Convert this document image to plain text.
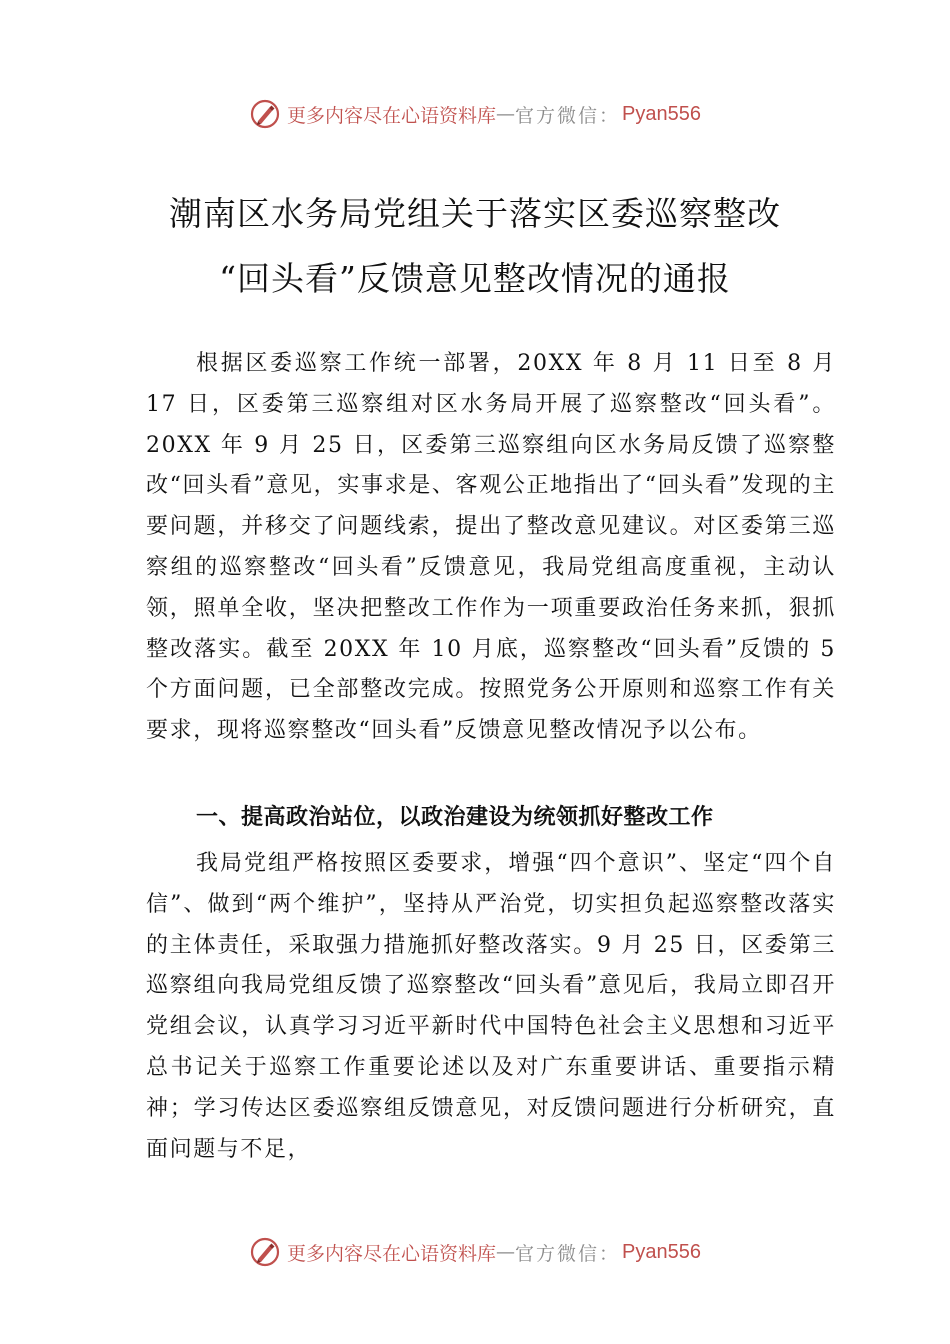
更多内容尽在心语资料库 — 官方微信 ： Pyan556
潮南区水务局党组关于落实区委巡察整改
“回头看”反馈意见整改情况的通报

根据区委巡察工作统一部署，20XX 年 8 月 11 日至 8 月 17 日，区委第三巡察组对区水务局开展了巡察整改“回头看”。20XX 年 9 月 25 日，区委第三巡察组向区水务局反馈了巡察整改“回头看”意见，实事求是、客观公正地指出了“回头看”发现的主要问题，并移交了问题线索，提出了整改意见建议。对区委第三巡察组的巡察整改“回头看”反馈意见，我局党组高度重视，主动认领，照单全收，坚决把整改工作作为一项重要政治任务来抓，狠抓整改落实。截至 20XX 年 10 月底，巡察整改“回头看”反馈的 5 个方面问题，已全部整改完成。按照党务公开原则和巡察工作有关要求，现将巡察整改“回头看”反馈意见整改情况予以公布。

一、提高政治站位，以政治建设为统领抓好整改工作

我局党组严格按照区委要求，增强“四个意识”、坚定“四个自信”、做到“两个维护”，坚持从严治党，切实担负起巡察整改落实的主体责任，采取强力措施抓好整改落实。9 月 25 日，区委第三巡察组向我局党组反馈了巡察整改“回头看”意见后，我局立即召开党组会议，认真学习习近平新时代中国特色社会主义思想和习近平总书记关于巡察工作重要论述以及对广东重要讲话、重要指示精神；学习传达区委巡察组反馈意见，对反馈问题进行分析研究，直面问题与不足，

更多内容尽在心语资料库 — 官方微信 ： Pyan556
